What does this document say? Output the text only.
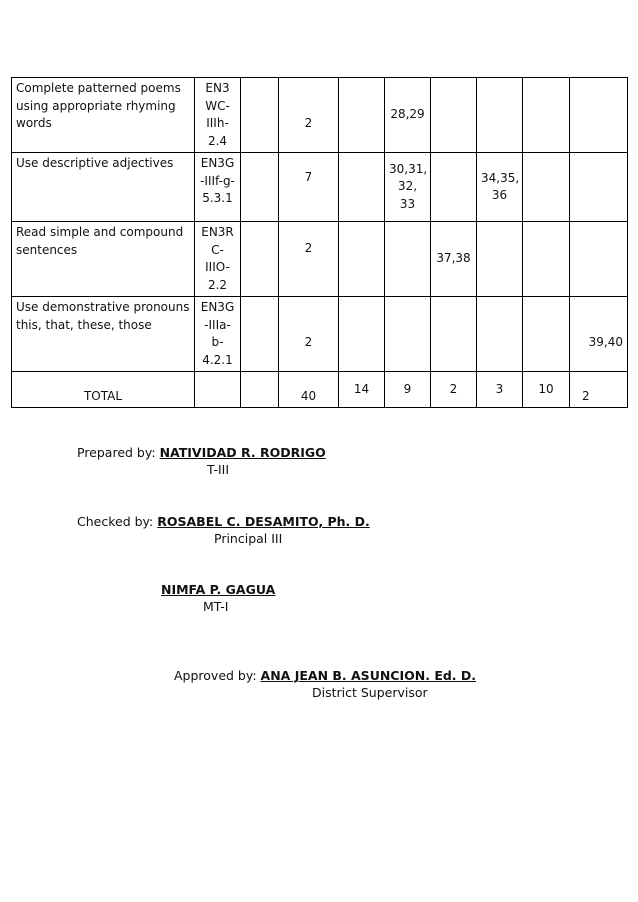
Complete patterned poems using appropriate rhyming words	EN3 WC-IIIh-2.4		2		28,29				
Use descriptive adjectives	EN3G -IIIf-g-5.3.1		7		30,31, 32, 33		34,35, 36		
Read simple and compound sentences	EN3R C-IIIO-2.2		2			37,38			
Use demonstrative pronouns this, that, these, those	EN3G -IIIa-b-4.2.1		2						39,40
TOTAL			40	14	9	2	3	10	2
Prepared by: NATIVIDAD R. RODRIGO
T-III
Checked by: ROSABEL C. DESAMITO, Ph. D.
Principal III
NIMFA P. GAGUA
MT-I
Approved by: ANA JEAN B. ASUNCION. Ed. D.
District Supervisor
